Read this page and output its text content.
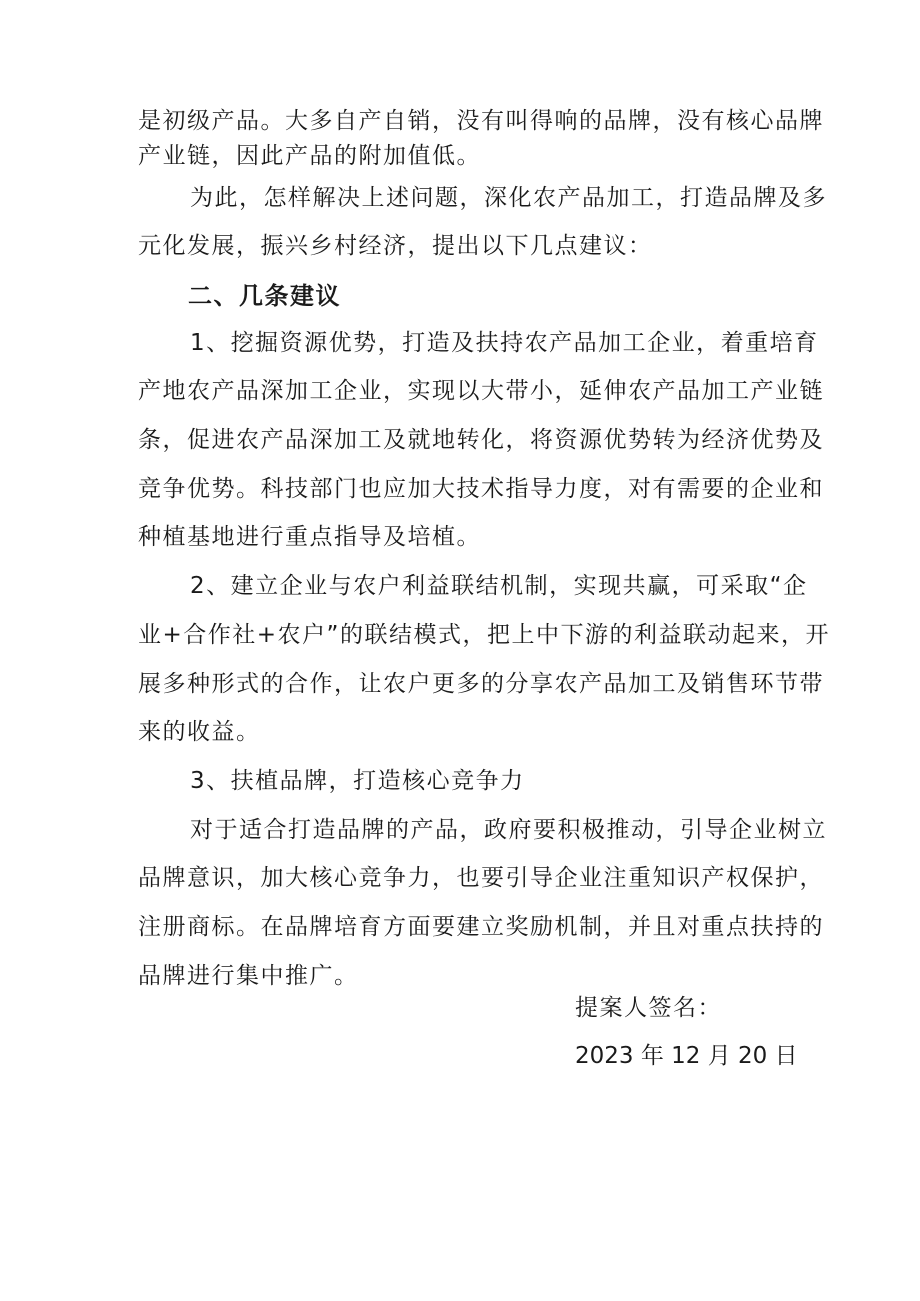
是初级产品。大多自产自销，没有叫得响的品牌，没有核心品牌
产业链，因此产品的附加值低。
为此，怎样解决上述问题，深化农产品加工，打造品牌及多
元化发展，振兴乡村经济，提出以下几点建议：
二、几条建议
1、挖掘资源优势，打造及扶持农产品加工企业，着重培育
产地农产品深加工企业，实现以大带小，延伸农产品加工产业链
条，促进农产品深加工及就地转化，将资源优势转为经济优势及
竞争优势。科技部门也应加大技术指导力度，对有需要的企业和
种植基地进行重点指导及培植。
2、建立企业与农户利益联结机制，实现共赢，可采取“企
业+合作社+农户”的联结模式，把上中下游的利益联动起来，开
展多种形式的合作，让农户更多的分享农产品加工及销售环节带
来的收益。
3、扶植品牌，打造核心竞争力
对于适合打造品牌的产品，政府要积极推动，引导企业树立
品牌意识，加大核心竞争力，也要引导企业注重知识产权保护，
注册商标。在品牌培育方面要建立奖励机制，并且对重点扶持的
品牌进行集中推广。
提案人签名：
2023 年 12 月 20 日
